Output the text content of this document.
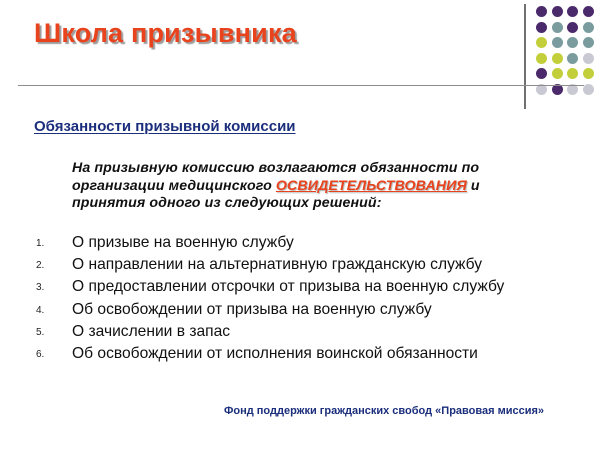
Школа призывника
Обязанности призывной комиссии
На призывную комиссию возлагаются обязанности по
организации медицинского ОСВИДЕТЕЛЬСТВОВАНИЯ и
принятия одного из следующих решений:
1. О призыве на военную службу
2. О направлении на альтернативную гражданскую службу
3. О предоставлении отсрочки от призыва на военную службу
4. Об освобождении от призыва на военную службу
5. О зачислении в запас
6. Об освобождении от исполнения воинской обязанности
Фонд поддержки гражданских свобод «Правовая миссия»
